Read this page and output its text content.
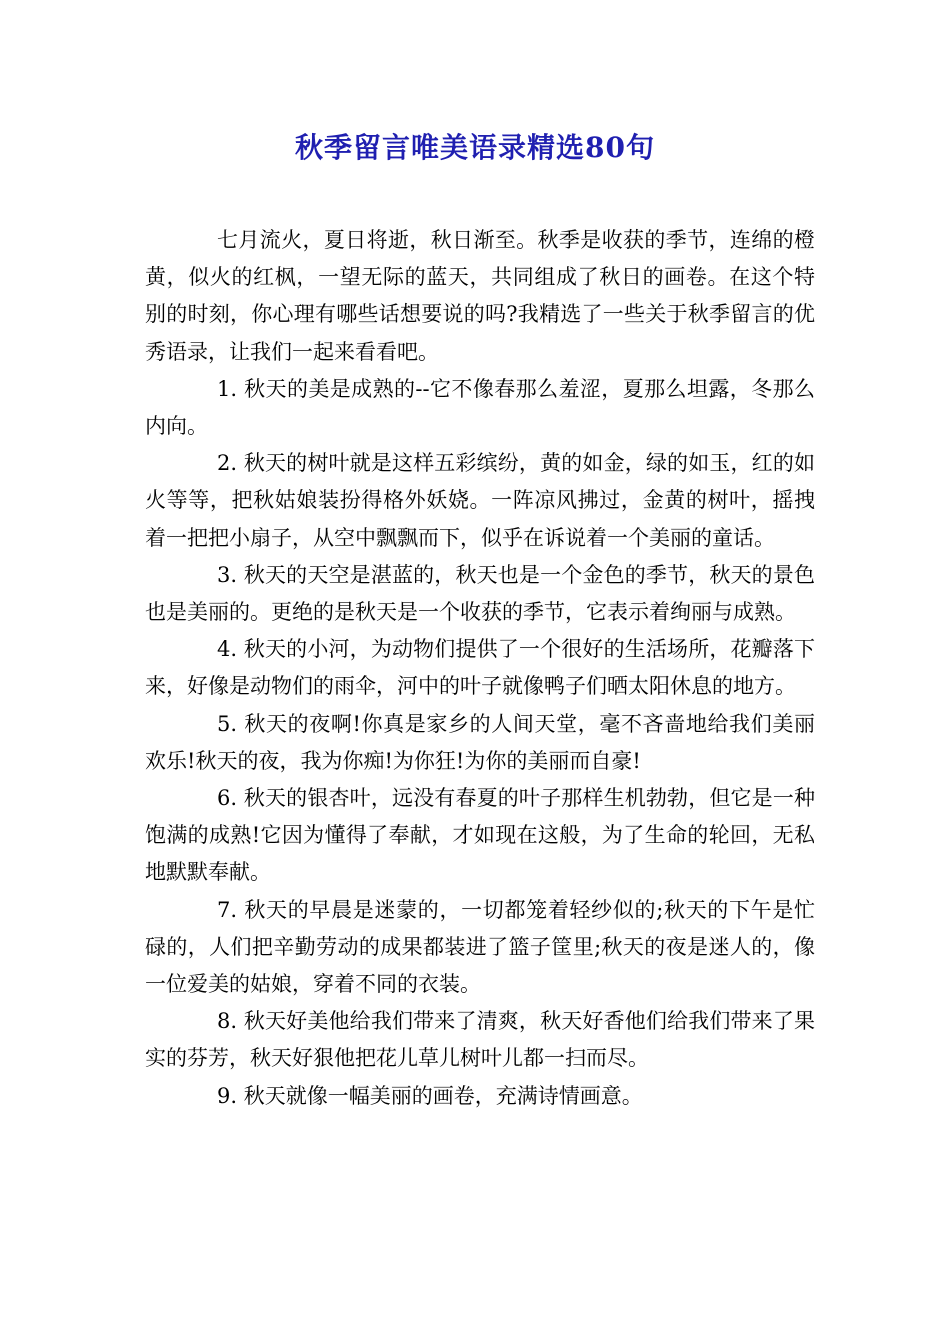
秋季留言唯美语录精选80句

七月流火，夏日将逝，秋日渐至。秋季是收获的季节，连绵的橙黄，似火的红枫，一望无际的蓝天，共同组成了秋日的画卷。在这个特别的时刻，你心理有哪些话想要说的吗?我精选了一些关于秋季留言的优秀语录，让我们一起来看看吧。

1. 秋天的美是成熟的--它不像春那么羞涩，夏那么坦露，冬那么内向。

2. 秋天的树叶就是这样五彩缤纷，黄的如金，绿的如玉，红的如火等等，把秋姑娘装扮得格外妖娆。一阵凉风拂过，金黄的树叶，摇拽着一把把小扇子，从空中飘飘而下，似乎在诉说着一个美丽的童话。

3. 秋天的天空是湛蓝的，秋天也是一个金色的季节，秋天的景色也是美丽的。更绝的是秋天是一个收获的季节，它表示着绚丽与成熟。

4. 秋天的小河，为动物们提供了一个很好的生活场所，花瓣落下来，好像是动物们的雨伞，河中的叶子就像鸭子们晒太阳休息的地方。

5. 秋天的夜啊!你真是家乡的人间天堂，毫不吝啬地给我们美丽欢乐!秋天的夜，我为你痴!为你狂!为你的美丽而自豪!

6. 秋天的银杏叶，远没有春夏的叶子那样生机勃勃，但它是一种饱满的成熟!它因为懂得了奉献，才如现在这般，为了生命的轮回，无私地默默奉献。

7. 秋天的早晨是迷蒙的，一切都笼着轻纱似的;秋天的下午是忙碌的，人们把辛勤劳动的成果都装进了篮子筐里;秋天的夜是迷人的，像一位爱美的姑娘，穿着不同的衣装。

8. 秋天好美他给我们带来了清爽，秋天好香他们给我们带来了果实的芬芳，秋天好狠他把花儿草儿树叶儿都一扫而尽。

9. 秋天就像一幅美丽的画卷，充满诗情画意。
